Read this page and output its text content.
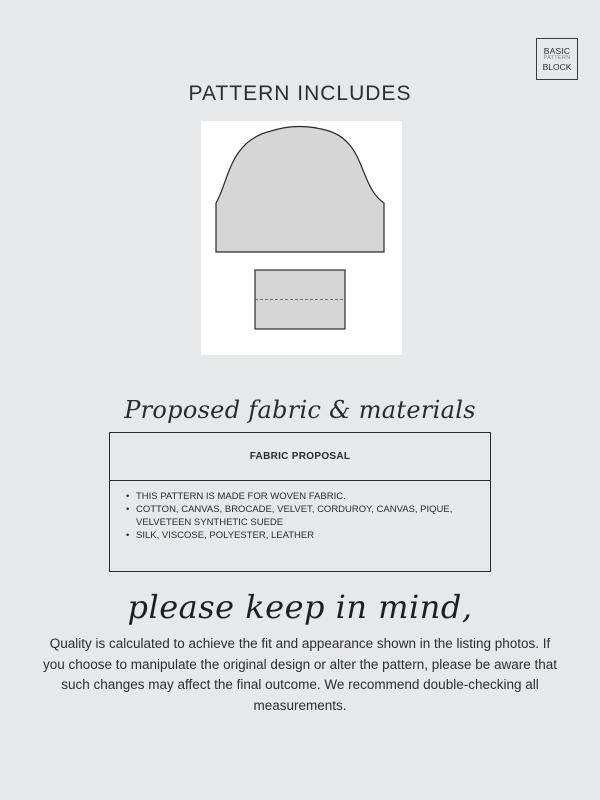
BASIC
PATTERN
BLOCK
PATTERN INCLUDES
Proposed fabric & materials
FABRIC PROPOSAL
• THIS PATTERN IS MADE FOR WOVEN FABRIC.
• COTTON, CANVAS, BROCADE, VELVET, CORDUROY, CANVAS, PIQUE, VELVETEEN SYNTHETIC SUEDE
• SILK, VISCOSE, POLYESTER, LEATHER
please keep in mind,
Quality is calculated to achieve the fit and appearance shown in the listing photos. If you choose to manipulate the original design or alter the pattern, please be aware that such changes may affect the final outcome. We recommend double-checking all measurements.
